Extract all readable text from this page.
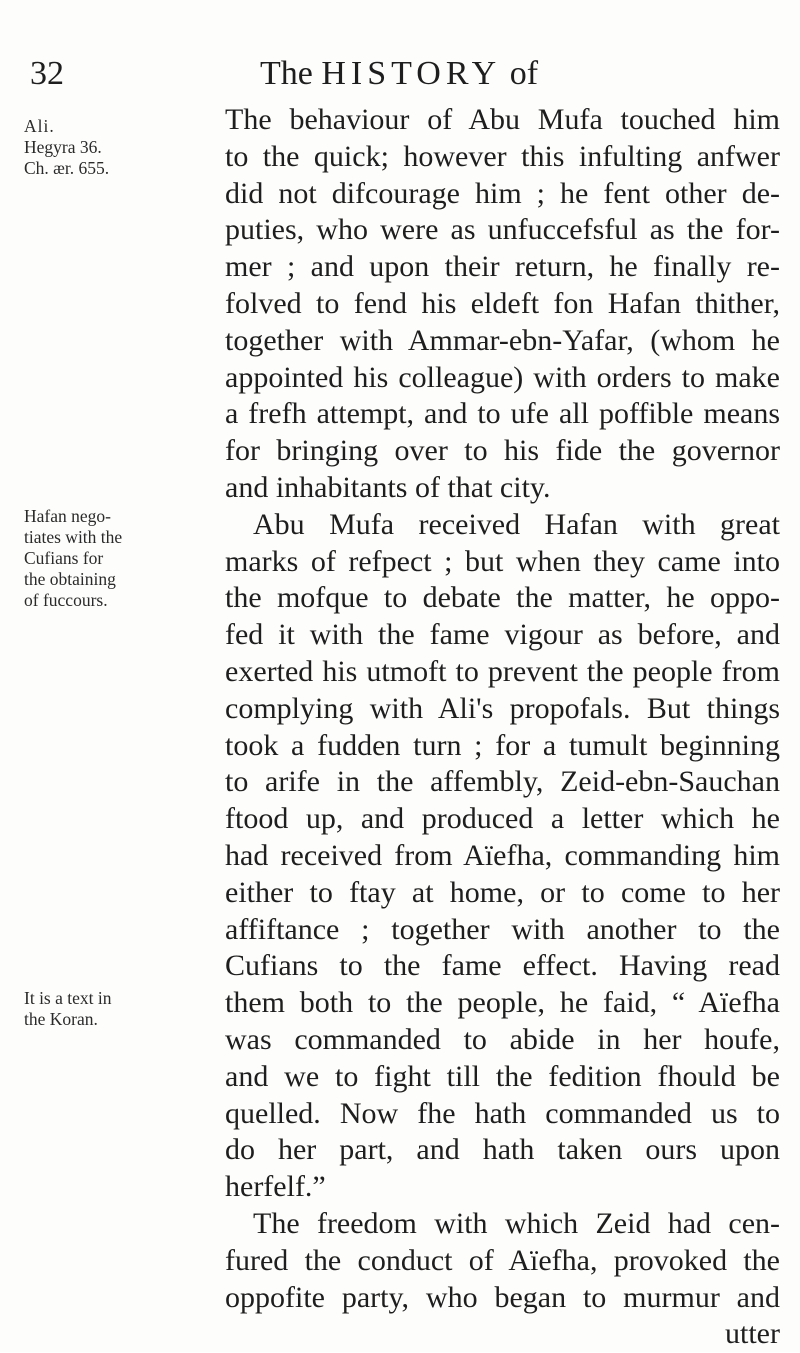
32	The HISTORY of
Ali.
Hegyra 36.
Ch. ær. 655.
Hafan nego-
tiates with the
Cufians for
the obtaining
of fuccours.
It is a text in
the Koran.
The behaviour of Abu Mufa touched him
to the quick; however this infulting anfwer
did not difcourage him ; he fent other de-
puties, who were as unfuccefsful as the for-
mer ; and upon their return, he finally re-
folved to fend his eldeft fon Hafan thither,
together with Ammar-ebn-Yafar, (whom he
appointed his colleague) with orders to make
a frefh attempt, and to ufe all poffible means
for bringing over to his fide the governor
and inhabitants of that city.
Abu Mufa received Hafan with great
marks of refpect ; but when they came into
the mofque to debate the matter, he oppo-
fed it with the fame vigour as before, and
exerted his utmoft to prevent the people from
complying with Ali's propofals. But things
took a fudden turn ; for a tumult beginning
to arife in the affembly, Zeid-ebn-Sauchan
ftood up, and produced a letter which he
had received from Aïefha, commanding him
either to ftay at home, or to come to her
affiftance ; together with another to the
Cufians to the fame effect. Having read
them both to the people, he faid, “ Aïefha
was commanded to abide in her houfe,
and we to fight till the fedition fhould be
quelled. Now fhe hath commanded us to
do her part, and hath taken ours upon
herfelf.”
The freedom with which Zeid had cen-
fured the conduct of Aïefha, provoked the
oppofite party, who began to murmur and
utter
